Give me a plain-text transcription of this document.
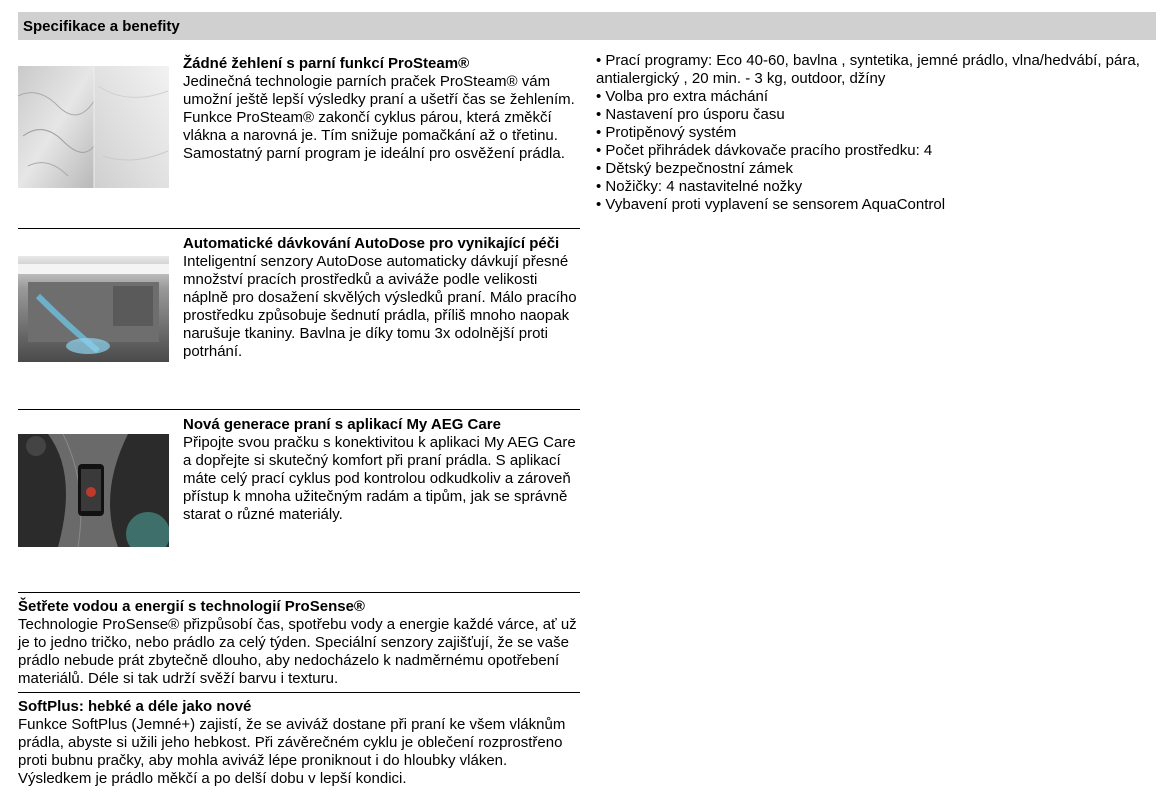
Specifikace a benefity
Žádné žehlení s parní funkcí ProSteam®
Jedinečná technologie parních praček ProSteam® vám umožní ještě lepší výsledky praní a ušetří čas se žehlením. Funkce ProSteam® zakončí cyklus párou, která změkčí vlákna a narovná je. Tím snižuje pomačkání až o třetinu. Samostatný parní program je ideální pro osvěžení prádla.
Automatické dávkování AutoDose pro vynikající péči
Inteligentní senzory AutoDose automaticky dávkují přesné množství pracích prostředků a aviváže podle velikosti náplně pro dosažení skvělých výsledků praní. Málo pracího prostředku způsobuje šednutí prádla, příliš mnoho naopak narušuje tkaniny. Bavlna je díky tomu 3x odolnější proti potrhání.
Nová generace praní s aplikací My AEG Care
Připojte svou pračku s konektivitou k aplikaci My AEG Care a dopřejte si skutečný komfort při praní prádla. S aplikací máte celý prací cyklus pod kontrolou odkudkoliv a zároveň přístup k mnoha užitečným radám a tipům, jak se správně starat o různé materiály.
Šetřete vodou a energií s technologií ProSense®
Technologie ProSense® přizpůsobí čas, spotřebu vody a energie každé várce, ať už je to jedno tričko, nebo prádlo za celý týden. Speciální senzory zajišťují, že se vaše prádlo nebude prát zbytečně dlouho, aby nedocházelo k nadměrnému opotřebení materiálů. Déle si tak udrží svěží barvu i texturu.
SoftPlus: hebké a déle jako nové
Funkce SoftPlus (Jemné+) zajistí, že se aviváž dostane při praní ke všem vláknům prádla, abyste si užili jeho hebkost. Při závěrečném cyklu je oblečení rozprostřeno proti bubnu pračky, aby mohla aviváž lépe proniknout i do hloubky vláken. Výsledkem je prádlo měkčí a po delší dobu v lepší kondici.
• Prací programy: Eco 40-60, bavlna , syntetika, jemné prádlo, vlna/hedvábí, pára, antialergický , 20 min. - 3 kg, outdoor, džíny
• Volba pro extra máchání
• Nastavení pro úsporu času
• Protipěnový systém
• Počet přihrádek dávkovače pracího prostředku: 4
• Dětský bezpečnostní zámek
• Nožičky: 4 nastavitelné nožky
• Vybavení proti vyplavení se sensorem AquaControl
